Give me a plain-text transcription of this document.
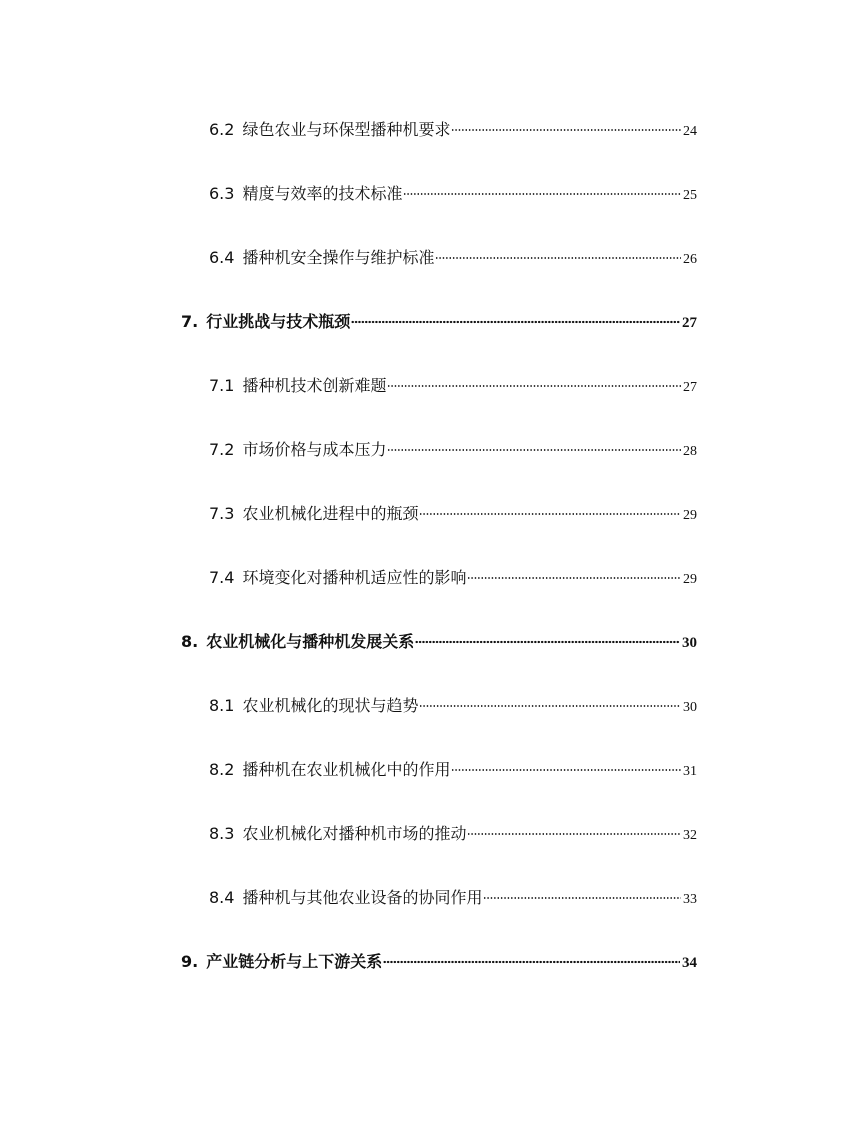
6.2 绿色农业与环保型播种机要求	24
6.3 精度与效率的技术标准	25
6.4 播种机安全操作与维护标准	26
7. 行业挑战与技术瓶颈	27
7.1 播种机技术创新难题	27
7.2 市场价格与成本压力	28
7.3 农业机械化进程中的瓶颈	29
7.4 环境变化对播种机适应性的影响	29
8. 农业机械化与播种机发展关系	30
8.1 农业机械化的现状与趋势	30
8.2 播种机在农业机械化中的作用	31
8.3 农业机械化对播种机市场的推动	32
8.4 播种机与其他农业设备的协同作用	33
9. 产业链分析与上下游关系	34
